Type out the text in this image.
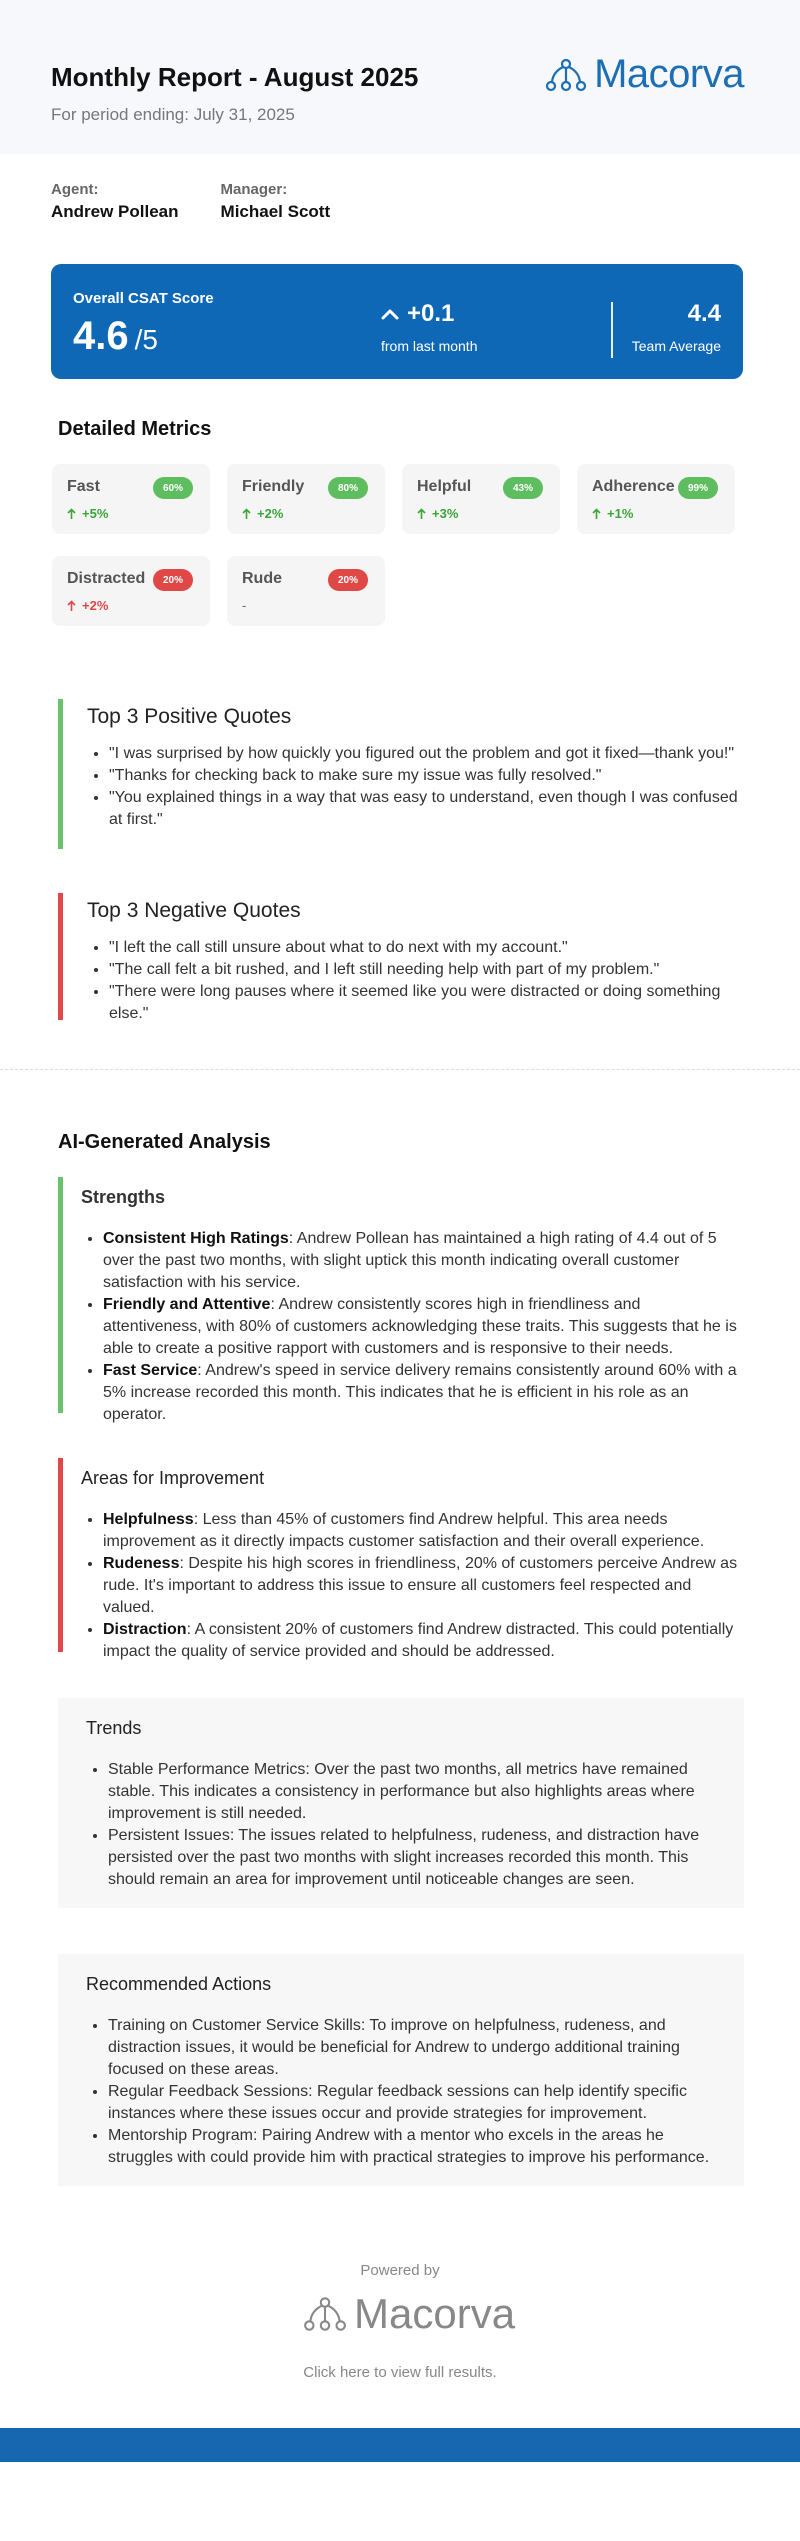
Monthly Report - August 2025
For period ending: July 31, 2025
Macorva
Agent:
Andrew Pollean
Manager:
Michael Scott
Overall CSAT Score
4.6 /5
+0.1
from last month
4.4
Team Average
Detailed Metrics
Fast	60%
+5%
Friendly	80%
+2%
Helpful	43%
+3%
Adherence	99%
+1%
Distracted	20%
+2%
Rude	20%
-
Top 3 Positive Quotes
• "I was surprised by how quickly you figured out the problem and got it fixed—thank you!"
• "Thanks for checking back to make sure my issue was fully resolved."
• "You explained things in a way that was easy to understand, even though I was confused at first."
Top 3 Negative Quotes
• "I left the call still unsure about what to do next with my account."
• "The call felt a bit rushed, and I left still needing help with part of my problem."
• "There were long pauses where it seemed like you were distracted or doing something else."
AI-Generated Analysis
Strengths
• Consistent High Ratings: Andrew Pollean has maintained a high rating of 4.4 out of 5 over the past two months, with slight uptick this month indicating overall customer satisfaction with his service.
• Friendly and Attentive: Andrew consistently scores high in friendliness and attentiveness, with 80% of customers acknowledging these traits. This suggests that he is able to create a positive rapport with customers and is responsive to their needs.
• Fast Service: Andrew's speed in service delivery remains consistently around 60% with a 5% increase recorded this month. This indicates that he is efficient in his role as an operator.
Areas for Improvement
• Helpfulness: Less than 45% of customers find Andrew helpful. This area needs improvement as it directly impacts customer satisfaction and their overall experience.
• Rudeness: Despite his high scores in friendliness, 20% of customers perceive Andrew as rude. It's important to address this issue to ensure all customers feel respected and valued.
• Distraction: A consistent 20% of customers find Andrew distracted. This could potentially impact the quality of service provided and should be addressed.
Trends
• Stable Performance Metrics: Over the past two months, all metrics have remained stable. This indicates a consistency in performance but also highlights areas where improvement is still needed.
• Persistent Issues: The issues related to helpfulness, rudeness, and distraction have persisted over the past two months with slight increases recorded this month. This should remain an area for improvement until noticeable changes are seen.
Recommended Actions
• Training on Customer Service Skills: To improve on helpfulness, rudeness, and distraction issues, it would be beneficial for Andrew to undergo additional training focused on these areas.
• Regular Feedback Sessions: Regular feedback sessions can help identify specific instances where these issues occur and provide strategies for improvement.
• Mentorship Program: Pairing Andrew with a mentor who excels in the areas he struggles with could provide him with practical strategies to improve his performance.
Powered by
Macorva
Click here to view full results.
